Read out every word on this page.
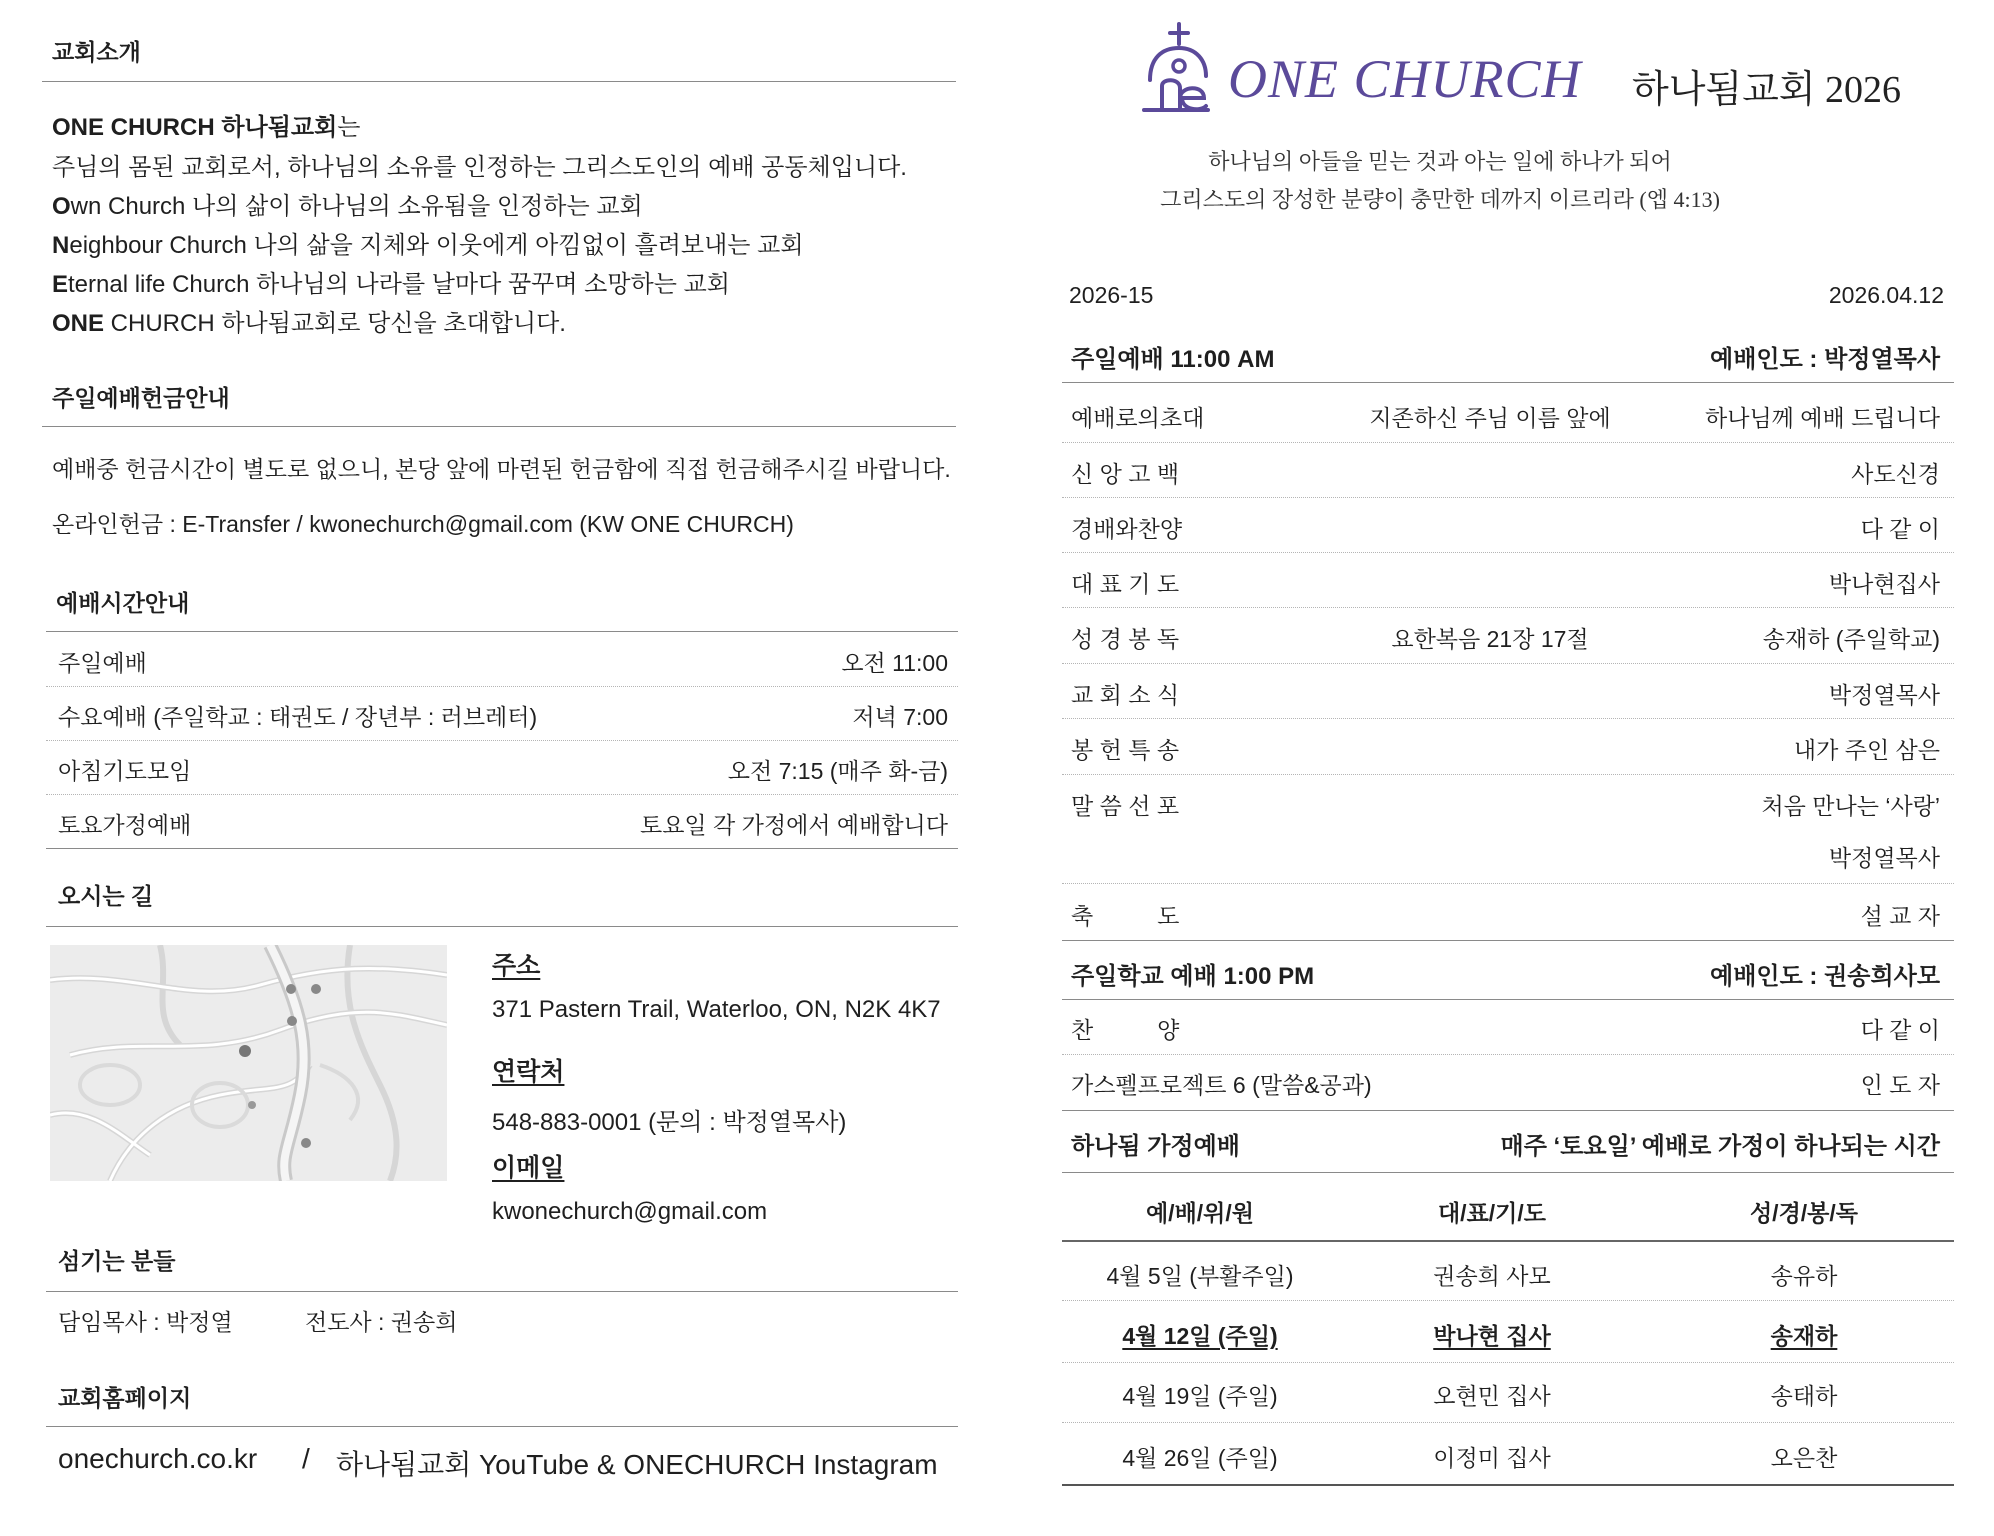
교회소개
ONE CHURCH 하나됨교회는
주님의 몸된 교회로서, 하나님의 소유를 인정하는 그리스도인의 예배 공동체입니다.
Own Church 나의 삶이 하나님의 소유됨을 인정하는 교회
Neighbour Church 나의 삶을 지체와 이웃에게 아낌없이 흘려보내는 교회
Eternal life Church 하나님의 나라를 날마다 꿈꾸며 소망하는 교회
ONE CHURCH 하나됨교회로 당신을 초대합니다.
주일예배헌금안내
예배중 헌금시간이 별도로 없으니, 본당 앞에 마련된 헌금함에 직접 헌금해주시길 바랍니다.
온라인헌금 : E-Transfer / kwonechurch@gmail.com (KW ONE CHURCH)
예배시간안내
주일예배	오전 11:00
수요예배 (주일학교 : 태권도 / 장년부 : 러브레터)	저녁 7:00
아침기도모임	오전 7:15 (매주 화-금)
토요가정예배	토요일 각 가정에서 예배합니다
오시는 길
주소
371 Pastern Trail, Waterloo, ON, N2K 4K7
연락처
548-883-0001 (문의 : 박정열목사)
이메일
kwonechurch@gmail.com
섬기는 분들
담임목사 : 박정열	전도사 : 권송희
교회홈페이지
onechurch.co.kr / 하나됨교회 YouTube & ONECHURCH Instagram
ONE CHURCH 하나됨교회 2026
하나님의 아들을 믿는 것과 아는 일에 하나가 되어
그리스도의 장성한 분량이 충만한 데까지 이르리라 (엡 4:13)
2026-15	2026.04.12
주일예배 11:00 AM	예배인도 : 박정열목사
예배로의초대	지존하신 주님 이름 앞에	하나님께 예배 드립니다
신 앙 고 백	사도신경
경배와찬양	다 같 이
대 표 기 도	박나현집사
성 경 봉 독	요한복음 21장 17절	송재하 (주일학교)
교 회 소 식	박정열목사
봉 헌 특 송	내가 주인 삼은
말 씀 선 포	처음 만나는 ‘사랑’
박정열목사
축          도	설 교 자
주일학교 예배 1:00 PM	예배인도 : 권송희사모
찬          양	다 같 이
가스펠프로젝트 6 (말씀&공과)	인 도 자
하나됨 가정예배	매주 ‘토요일’ 예배로 가정이 하나되는 시간
예/배/위/원	대/표/기/도	성/경/봉/독
4월 5일 (부활주일)	권송희 사모	송유하
4월 12일 (주일)	박나현 집사	송재하
4월 19일 (주일)	오현민 집사	송태하
4월 26일 (주일)	이정미 집사	오은찬
